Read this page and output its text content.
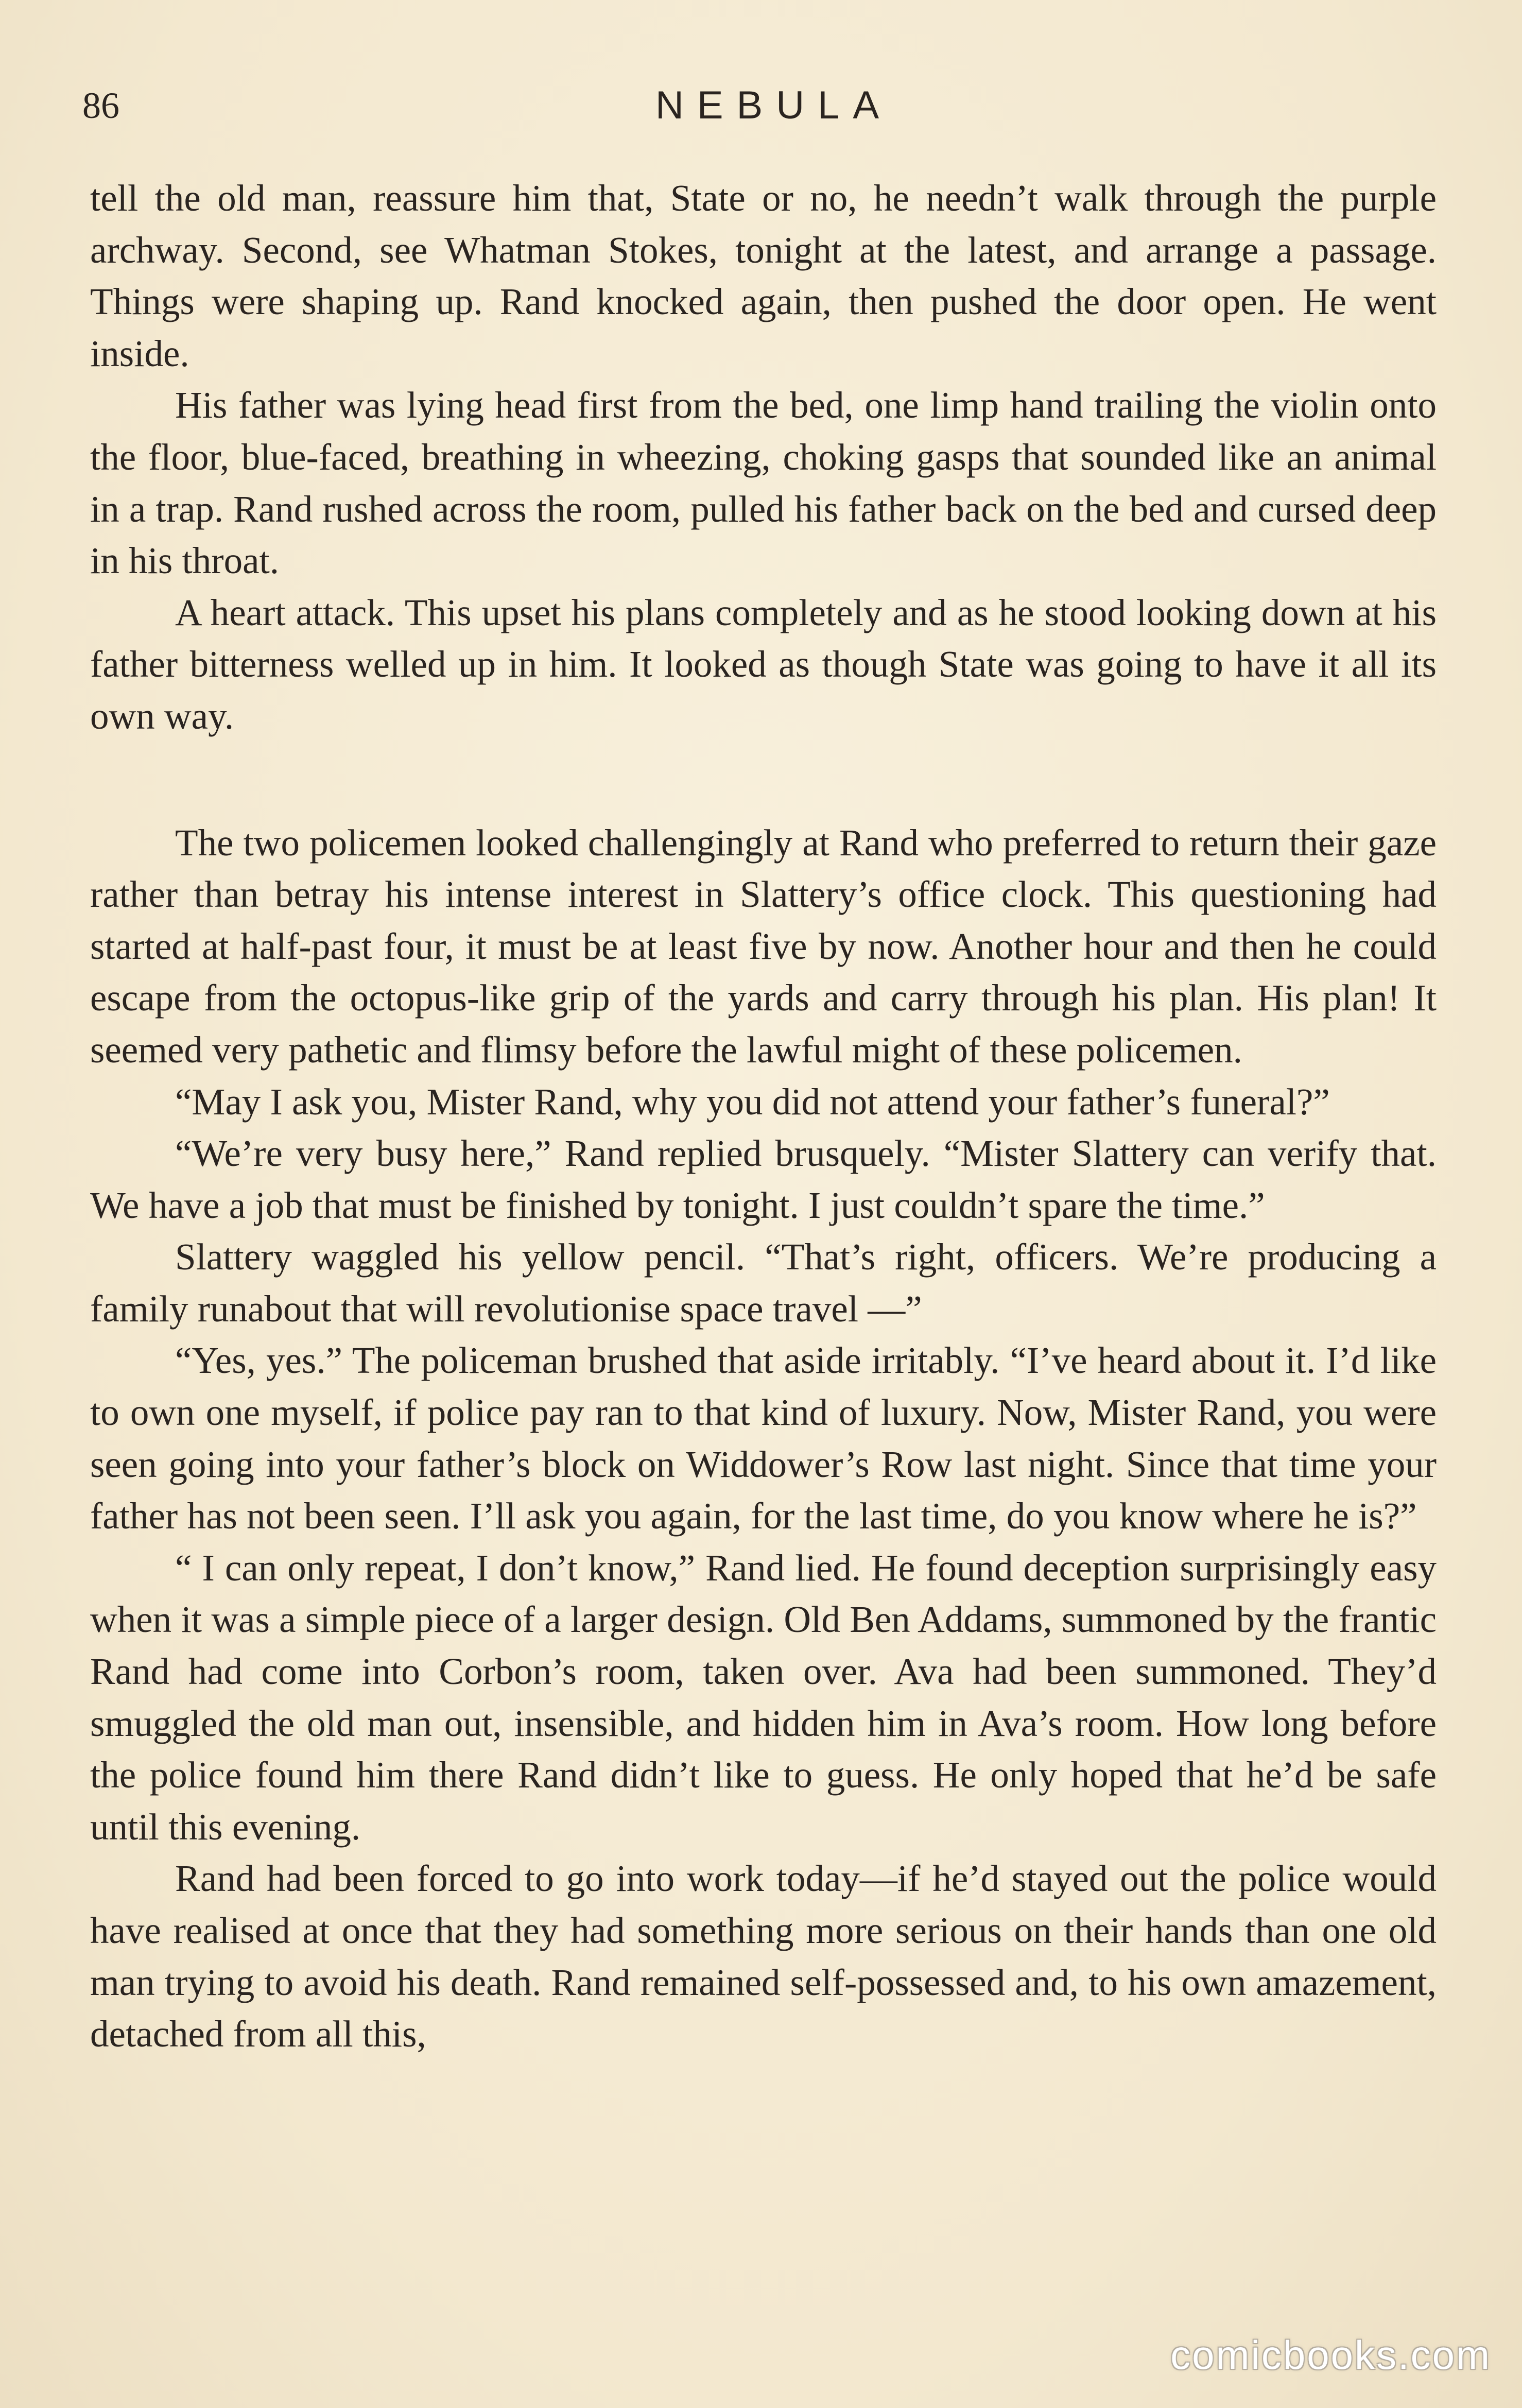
86	NEBULA

tell the old man, reassure him that, State or no, he needn’t walk through the purple archway. Second, see Whatman Stokes, tonight at the latest, and arrange a passage. Things were shaping up. Rand knocked again, then pushed the door open. He went inside.

His father was lying head first from the bed, one limp hand trailing the violin onto the floor, blue-faced, breathing in wheezing, choking gasps that sounded like an animal in a trap. Rand rushed across the room, pulled his father back on the bed and cursed deep in his throat.

A heart attack. This upset his plans completely and as he stood looking down at his father bitterness welled up in him. It looked as though State was going to have it all its own way.

The two policemen looked challengingly at Rand who preferred to return their gaze rather than betray his intense interest in Slattery’s office clock. This questioning had started at half-past four, it must be at least five by now. Another hour and then he could escape from the octopus-like grip of the yards and carry through his plan. His plan! It seemed very pathetic and flimsy before the lawful might of these policemen.

“May I ask you, Mister Rand, why you did not attend your father’s funeral?”

“We’re very busy here,” Rand replied brusquely. “Mister Slattery can verify that. We have a job that must be finished by tonight. I just couldn’t spare the time.”

Slattery waggled his yellow pencil. “That’s right, officers. We’re producing a family runabout that will revolutionise space travel —”

“Yes, yes.” The policeman brushed that aside irritably. “I’ve heard about it. I’d like to own one myself, if police pay ran to that kind of luxury. Now, Mister Rand, you were seen going into your father’s block on Widdower’s Row last night. Since that time your father has not been seen. I’ll ask you again, for the last time, do you know where he is?”

“ I can only repeat, I don’t know,” Rand lied. He found deception surprisingly easy when it was a simple piece of a larger design. Old Ben Addams, summoned by the frantic Rand had come into Corbon’s room, taken over. Ava had been summoned. They’d smuggled the old man out, insensible, and hidden him in Ava’s room. How long before the police found him there Rand didn’t like to guess. He only hoped that he’d be safe until this evening.

Rand had been forced to go into work today—if he’d stayed out the police would have realised at once that they had something more serious on their hands than one old man trying to avoid his death. Rand remained self-possessed and, to his own amazement, detached from all this,

comicbooks.com
